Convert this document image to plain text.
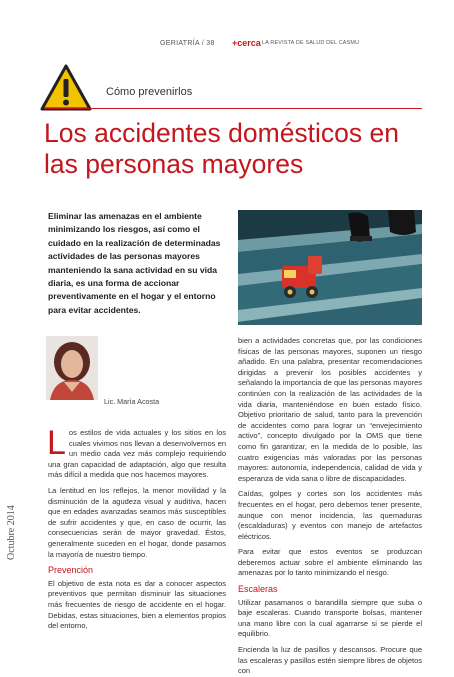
GERIATRÍA / 38 +cerca LA REVISTA DE SALUD DEL CASMU
Cómo prevenirlos
Los accidentes domésticos en las personas mayores
Eliminar las amenazas en el ambiente minimizando los riesgos, así como el cuidado en la realización de determinadas actividades de las personas mayores manteniendo la sana actividad en su vida diaria, es una forma de accionar preventivamente en el hogar y el entorno para evitar accidentes.
Lic. María Acosta

Los estilos de vida actuales y los sitios en los cuales vivimos nos llevan a desenvolvernos en un medio cada vez más complejo requiriendo una gran capacidad de adaptación, algo que resulta más difícil a medida que nos hacemos mayores.

La lentitud en los reflejos, la menor movilidad y la disminución de la agudeza visual y auditiva, hacen que en edades avanzadas seamos más susceptibles de sufrir accidentes y que, en caso de ocurrir, las consecuencias serán de mayor gravedad. Éstos, generalmente suceden en el hogar, donde pasamos la mayoría de nuestro tiempo.

Prevención

El objetivo de esta nota es dar a conocer aspectos preventivos que permitan disminuir las situaciones más frecuentes de riesgo de accidente en el hogar. Debidas, estas situaciones, bien a elementos propios del entorno,

bien a actividades concretas que, por las condiciones físicas de las personas mayores, suponen un riesgo añadido. En una palabra, presentar recomendaciones dirigidas a prevenir los posibles accidentes y señalando la importancia de que las personas mayores continúen con la realización de las actividades de la vida diaria, manteniéndose en buen estado físico. Objetivo prioritario de salud, tanto para la prevención de accidentes como para lograr un “envejecimiento activo”, concepto divulgado por la OMS que tiene como fin garantizar, en la medida de lo posible, las cuatro exigencias más valoradas por las personas mayores: autonomía, independencia, calidad de vida y esperanza de vida sana o libre de discapacidades.

Caídas, golpes y cortes son los accidentes más frecuentes en el hogar, pero debemos tener presente, aunque con menor incidencia, las quemaduras (escaldaduras) y eventos con manejo de artefactos eléctricos.

Para evitar que estos eventos se produzcan deberemos actuar sobre el ambiente eliminando las amenazas por lo tanto minimizando el riesgo.

Escaleras

Utilizar pasamanos o barandilla siempre que suba o baje escaleras. Cuando transporte bolsas, mantener una mano libre con la cual agarrarse si se pierde el equilibrio.

Encienda la luz de pasillos y descansos. Procure que las escaleras y pasillos estén siempre libres de objetos con

Octubre 2014
